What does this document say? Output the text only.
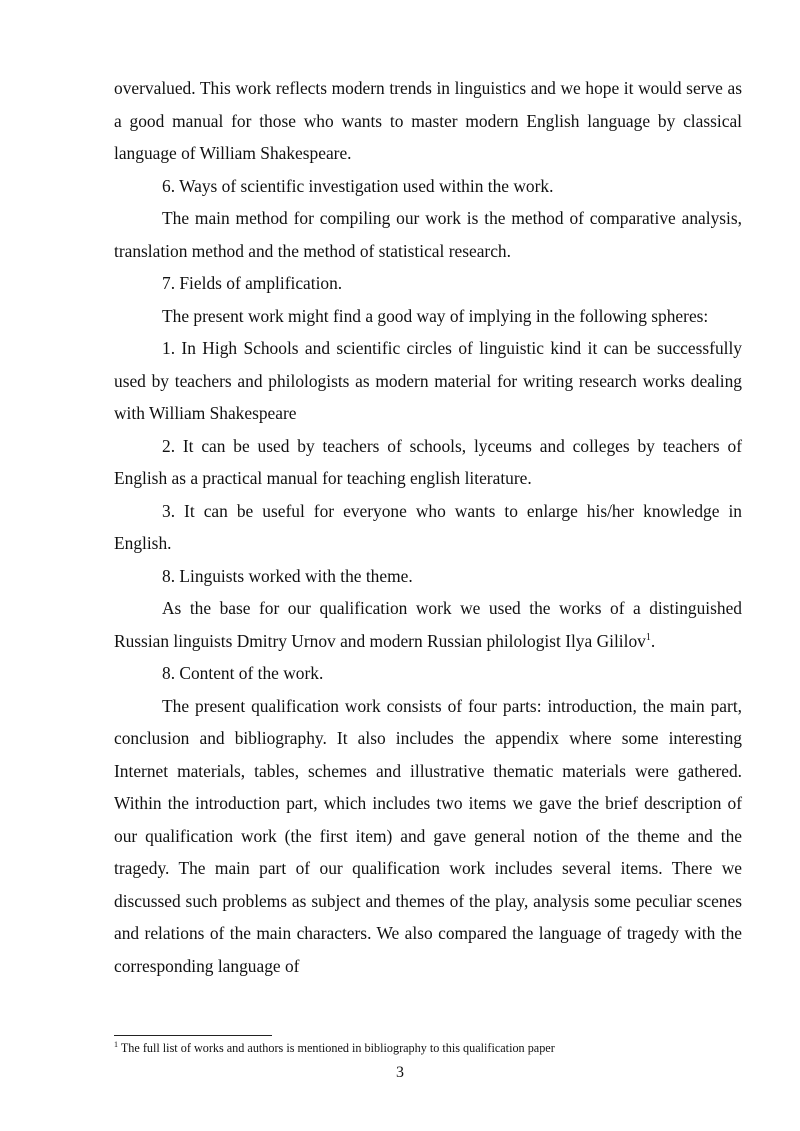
overvalued. This work reflects modern trends in linguistics and we hope it would serve as a good manual for those who wants to master modern English language by classical language of William Shakespeare.

6. Ways of scientific investigation used within the work.

The main method for compiling our work is the method of comparative analysis, translation method and the method of statistical research.

7. Fields of amplification.

The present work might find a good way of implying in the following spheres:

1. In High Schools and scientific circles of linguistic kind it can be successfully used by teachers and philologists as modern material for writing research works dealing with William Shakespeare

2. It can be used by teachers of schools, lyceums and colleges by teachers of English as a practical manual for teaching english literature.

3. It can be useful for everyone who wants to enlarge his/her knowledge in English.

8. Linguists worked with the theme.

As the base for our qualification work we used the works of a distinguished Russian linguists Dmitry Urnov and modern Russian philologist Ilya Gililov$^1$.

8. Content of the work.

The present qualification work consists of four parts: introduction, the main part, conclusion and bibliography. It also includes the appendix where some interesting Internet materials, tables, schemes and illustrative thematic materials were gathered. Within the introduction part, which includes two items we gave the brief description of our qualification work (the first item) and gave general notion of the theme and the tragedy. The main part of our qualification work includes several items. There we discussed such problems as subject and themes of the play, analysis some peculiar scenes and relations of the main characters. We also compared the language of tragedy with the corresponding language of

$^1$ The full list of works and authors is mentioned in bibliography to this qualification paper
3
